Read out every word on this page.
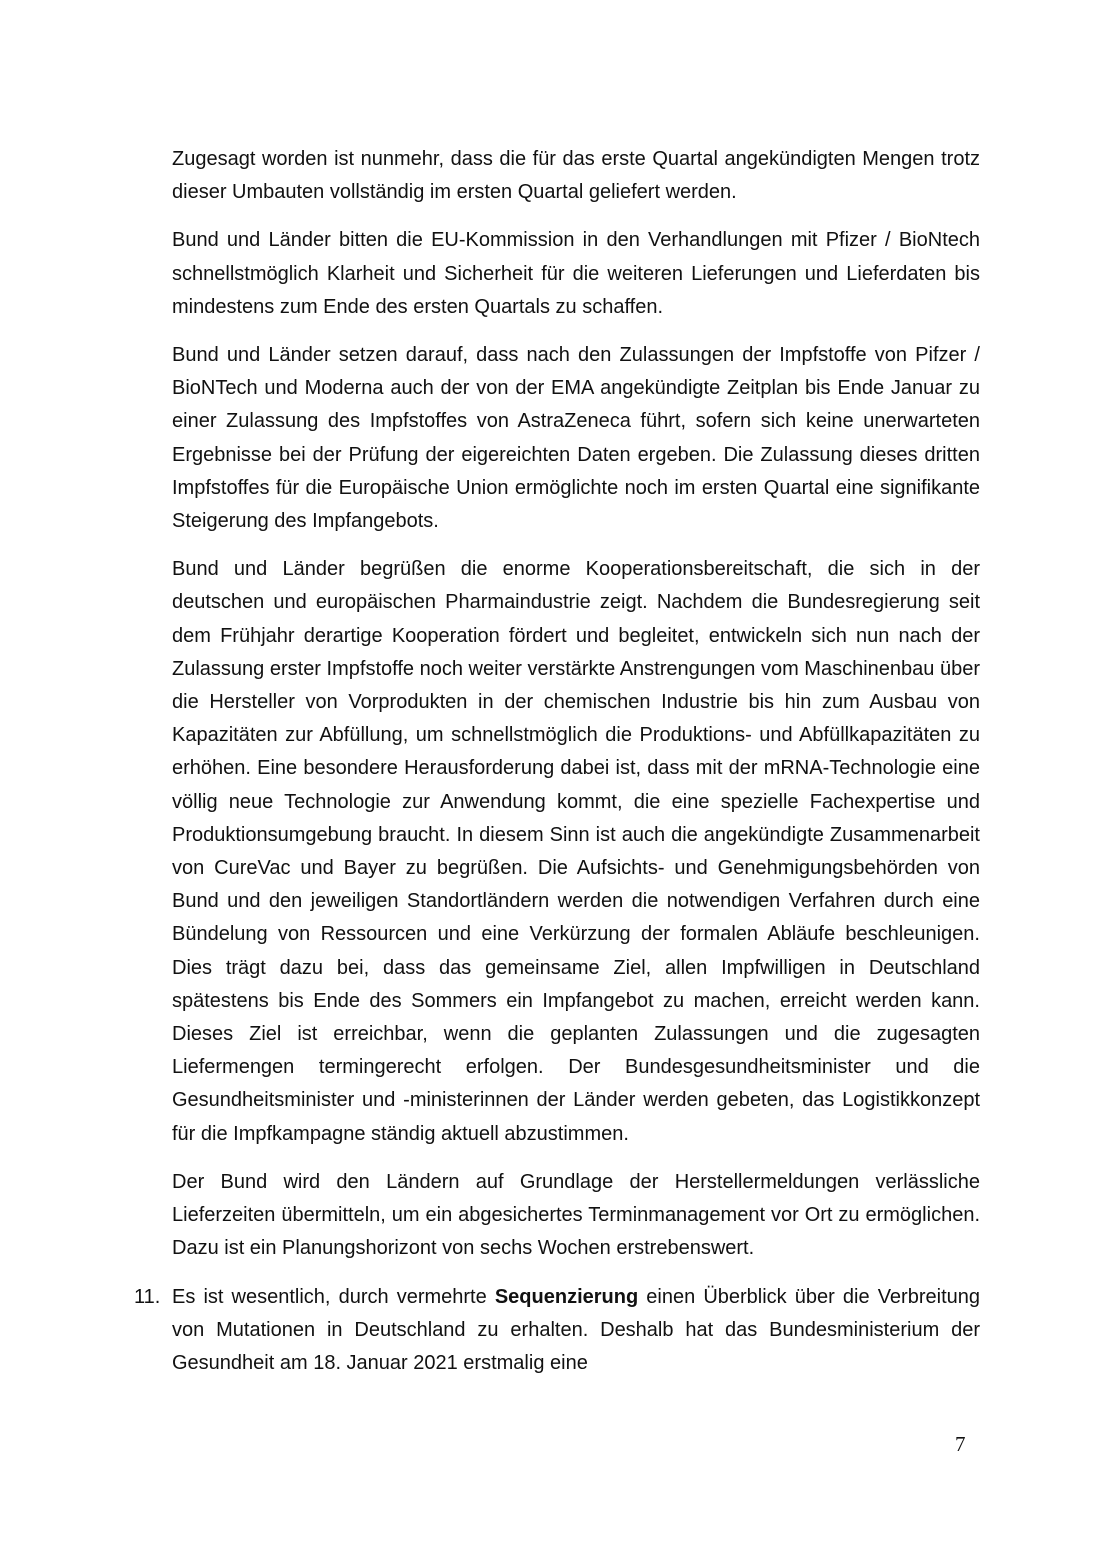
Zugesagt worden ist nunmehr, dass die für das erste Quartal angekündigten Mengen trotz dieser Umbauten vollständig im ersten Quartal geliefert werden.

Bund und Länder bitten die EU-Kommission in den Verhandlungen mit Pfizer / BioNtech schnellstmöglich Klarheit und Sicherheit für die weiteren Lieferungen und Lieferdaten bis mindestens zum Ende des ersten Quartals zu schaffen.

Bund und Länder setzen darauf, dass nach den Zulassungen der Impfstoffe von Pifzer / BioNTech und Moderna auch der von der EMA angekündigte Zeitplan bis Ende Januar zu einer Zulassung des Impfstoffes von AstraZeneca führt, sofern sich keine unerwarteten Ergebnisse bei der Prüfung der eigereichten Daten ergeben. Die Zulassung dieses dritten Impfstoffes für die Europäische Union ermöglichte noch im ersten Quartal eine signifikante Steigerung des Impfangebots.

Bund und Länder begrüßen die enorme Kooperationsbereitschaft, die sich in der deutschen und europäischen Pharmaindustrie zeigt. Nachdem die Bundesregierung seit dem Frühjahr derartige Kooperation fördert und begleitet, entwickeln sich nun nach der Zulassung erster Impfstoffe noch weiter verstärkte Anstrengungen vom Maschinenbau über die Hersteller von Vorprodukten in der chemischen Industrie bis hin zum Ausbau von Kapazitäten zur Abfüllung, um schnellstmöglich die Produktions- und Abfüllkapazitäten zu erhöhen. Eine besondere Herausforderung dabei ist, dass mit der mRNA-Technologie eine völlig neue Technologie zur Anwendung kommt, die eine spezielle Fachexpertise und Produktionsumgebung braucht. In diesem Sinn ist auch die angekündigte Zusammenarbeit von CureVac und Bayer zu begrüßen. Die Aufsichts- und Genehmigungsbehörden von Bund und den jeweiligen Standortländern werden die notwendigen Verfahren durch eine Bündelung von Ressourcen und eine Verkürzung der formalen Abläufe beschleunigen. Dies trägt dazu bei, dass das gemeinsame Ziel, allen Impfwilligen in Deutschland spätestens bis Ende des Sommers ein Impfangebot zu machen, erreicht werden kann. Dieses Ziel ist erreichbar, wenn die geplanten Zulassungen und die zugesagten Liefermengen termingerecht erfolgen. Der Bundesgesundheitsminister und die Gesundheitsminister und -ministerinnen der Länder werden gebeten, das Logistikkonzept für die Impfkampagne ständig aktuell abzustimmen.

Der Bund wird den Ländern auf Grundlage der Herstellermeldungen verlässliche Lieferzeiten übermitteln, um ein abgesichertes Terminmanagement vor Ort zu ermöglichen. Dazu ist ein Planungshorizont von sechs Wochen erstrebenswert.

11. Es ist wesentlich, durch vermehrte Sequenzierung einen Überblick über die Verbreitung von Mutationen in Deutschland zu erhalten. Deshalb hat das Bundesministerium der Gesundheit am 18. Januar 2021 erstmalig eine

7
